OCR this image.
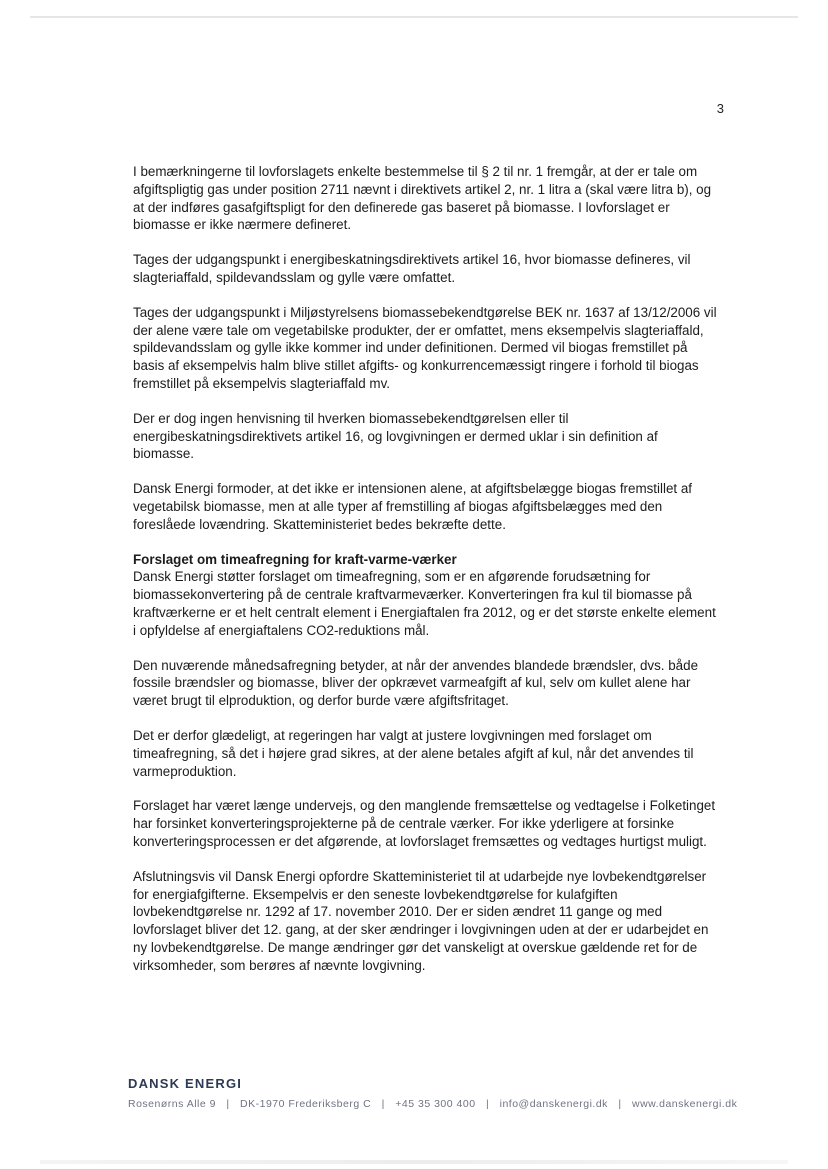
3

I bemærkningerne til lovforslagets enkelte bestemmelse til § 2 til nr. 1 fremgår, at der er tale om afgiftspligtig gas under position 2711 nævnt i direktivets artikel 2, nr. 1 litra a (skal være litra b), og at der indføres gasafgiftspligt for den definerede gas baseret på biomasse. I lovforslaget er biomasse er ikke nærmere defineret.

Tages der udgangspunkt i energibeskatningsdirektivets artikel 16, hvor biomasse defineres, vil slagteriaffald, spildevandsslam og gylle være omfattet.

Tages der udgangspunkt i Miljøstyrelsens biomassebekendtgørelse BEK nr. 1637 af 13/12/2006 vil der alene være tale om vegetabilske produkter, der er omfattet, mens eksempelvis slagteriaffald, spildevandsslam og gylle ikke kommer ind under definitionen. Dermed vil biogas fremstillet på basis af eksempelvis halm blive stillet afgifts- og konkurrencemæssigt ringere i forhold til biogas fremstillet på eksempelvis slagteriaffald mv.

Der er dog ingen henvisning til hverken biomassebekendtgørelsen eller til energibeskatningsdirektivets artikel 16, og lovgivningen er dermed uklar i sin definition af biomasse.

Dansk Energi formoder, at det ikke er intensionen alene, at afgiftsbelægge biogas fremstillet af vegetabilsk biomasse, men at alle typer af fremstilling af biogas afgiftsbelægges med den foreslåede lovændring. Skatteministeriet bedes bekræfte dette.

Forslaget om timeafregning for kraft-varme-værker

Dansk Energi støtter forslaget om timeafregning, som er en afgørende forudsætning for biomassekonvertering på de centrale kraftvarmeværker. Konverteringen fra kul til biomasse på kraftværkerne er et helt centralt element i Energiaftalen fra 2012, og er det største enkelte element i opfyldelse af energiaftalens CO2-reduktions mål.

Den nuværende månedsafregning betyder, at når der anvendes blandede brændsler, dvs. både fossile brændsler og biomasse, bliver der opkrævet varmeafgift af kul, selv om kullet alene har været brugt til elproduktion, og derfor burde være afgiftsfritaget.

Det er derfor glædeligt, at regeringen har valgt at justere lovgivningen med forslaget om timeafregning, så det i højere grad sikres, at der alene betales afgift af kul, når det anvendes til varmeproduktion.

Forslaget har været længe undervejs, og den manglende fremsættelse og vedtagelse i Folketinget har forsinket konverteringsprojekterne på de centrale værker. For ikke yderligere at forsinke konverteringsprocessen er det afgørende, at lovforslaget fremsættes og vedtages hurtigst muligt.

Afslutningsvis vil Dansk Energi opfordre Skatteministeriet til at udarbejde nye lovbekendtgørelser for energiafgifterne. Eksempelvis er den seneste lovbekendtgørelse for kulafgiften lovbekendtgørelse nr. 1292 af 17. november 2010. Der er siden ændret 11 gange og med lovforslaget bliver det 12. gang, at der sker ændringer i lovgivningen uden at der er udarbejdet en ny lovbekendtgørelse. De mange ændringer gør det vanskeligt at overskue gældende ret for de virksomheder, som berøres af nævnte lovgivning.

DANSK ENERGI
Rosenørns Alle 9 | DK-1970 Frederiksberg C | +45 35 300 400 | info@danskenergi.dk | www.danskenergi.dk
